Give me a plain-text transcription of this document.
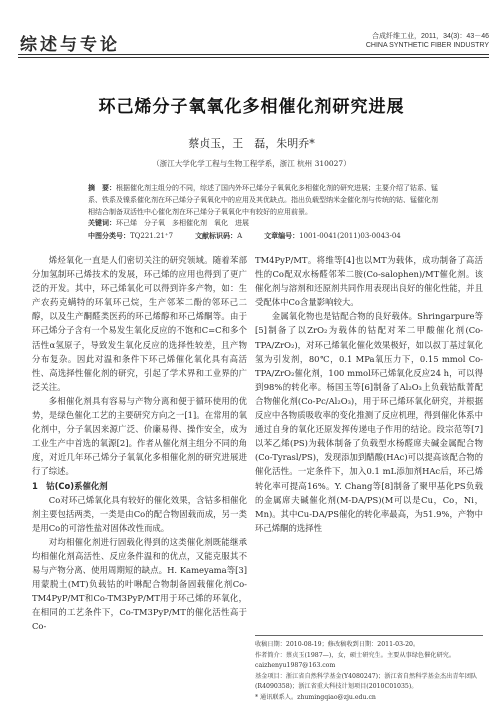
综述与专论	合成纤维工业，2011，34(3)：43－46
CHINA SYNTHETIC FIBER INDUSTRY
环己烯分子氧氧化多相催化剂研究进展
蔡贞玉，王　磊，朱明乔*
（浙江大学化学工程与生物工程学系，浙江 杭州 310027）
摘　要：根据催化剂主组分的不同，综述了国内外环己烯分子氧氧化多相催化剂的研究进展；主要介绍了钴系、锰系、铁系及镍系催化剂在环己烯分子氧氧化中的应用及其优缺点。指出负载型纳米金催化剂与传统的钴、锰催化剂相结合制备双活性中心催化剂在环己烯分子氧氧化中有较好的应用前景。
关键词：环己烯　分子氧　多相催化剂　氧化　进展
中图分类号：TQ221.21⁺7	文献标识码：A	文章编号：1001-0041(2011)03-0043-04

烯烃氧化一直是人们密切关注的研究领域。随着苯部分加氢制环己烯技术的发展，环己烯的应用也得到了更广泛的开发。其中，环己烯氧化可以得到许多产物，如：生产农药克螨特的环氧环己烷，生产邻苯二酚的邻环己二醇，以及生产酮醛类医药的环己烯醇和环己烯酮等。由于环己烯分子含有一个易发生氧化反应的不饱和C=C和多个活性α氢原子，导致发生氧化反应的选择性较差，且产物分布复杂。因此对温和条件下环己烯催化氧化具有高活性、高选择性催化剂的研究，引起了学术界和工业界的广泛关注。

多相催化剂具有容易与产物分离和便于循环使用的优势，是绿色催化工艺的主要研究方向之一[1]。在常用的氧化剂中，分子氧因来源广泛、价廉易得、操作安全，成为工业生产中首选的氧源[2]。作者从催化剂主组分不同的角度，对近几年环己烯分子氧氧化多相催化剂的研究进展进行了综述。

1　钴(Co)系催化剂

Co对环己烯氧化具有较好的催化效果，含钴多相催化剂主要包括两类，一类是由Co的配合物固载而成，另一类是用Co的可溶性盐对固体改性而成。

对均相催化剂进行固载化得到的这类催化剂既能继承均相催化剂高活性、反应条件温和的优点，又能克服其不易与产物分离、使用周期短的缺点。H. Kameyama等[3]用蒙脱土(MT)负载钴的叶啉配合物制备固载催化剂Co-TM4PyP/MT和Co-TM3PyP/MT用于环己烯的环氧化，在相同的工艺条件下，Co-TM3PyP/MT的催化活性高于Co-

TM4PyP/MT。将维等[4]也以MT为载体，成功制备了高活性的Co配双水杨醛邻苯二胺(Co-salophen)/MT催化剂。该催化剂与溶剂和还原剂共同作用表现出良好的催化性能，并且受配体中Co含量影响较大。

金属氧化物也是钴配合物的良好载体。Shringarpure等[5]制备了以ZrO₂为载体的钴配对苯二甲酸催化剂(Co-TPA/ZrO₂)，对环己烯氧化催化效果极好，如以叔丁基过氧化氢为引发剂，80℃，0.1 MPa氧压力下，0.15 mmol Co-TPA/ZrO₂催化剂，100 mmol环己烯氧化反应24 h，可以得到98%的转化率。杨国玉等[6]制备了Al₂O₃上负载钴酞菁配合物催化剂(Co-Pc/Al₂O₃)，用于环己烯环氧化研究，并根据反应中各物质吸收率的变化推测了反应机理，得到催化体系中通过自身的氧化还原发挥传递电子作用的结论。段宗范等[7]以苯乙烯(PS)为载体制备了负载型水杨醛席夫碱金属配合物(Co-Tyrasl/PS)，发现添加到醋酸(HAc)可以提高该配合物的催化活性。一定条件下，加入0.1 mL添加剂HAc后，环己烯转化率可提高16%。Y. Chang等[8]制备了聚甲基化PS负载的金属席夫碱催化剂(M-DA/PS)(M可以是Cu，Co，Ni，Mn)。其中Cu-DA/PS催化的转化率最高，为51.9%，产物中环己烯酮的选择性

收稿日期：2010-08-19；修改稿收到日期：2011-03-20。

作者简介：蔡贞玉(1987—)，女，硕士研究生。主要从事绿色催化研究。caizhenyu1987@163.com

基金项目：浙江省自然科学基金(Y4080247)；浙江省自然科学基金杰出青年团队(R4090358)；浙江省重大科技计划项目(2010C01035)。

* 通讯联系人。zhumingqiao@zju.edu.cn
